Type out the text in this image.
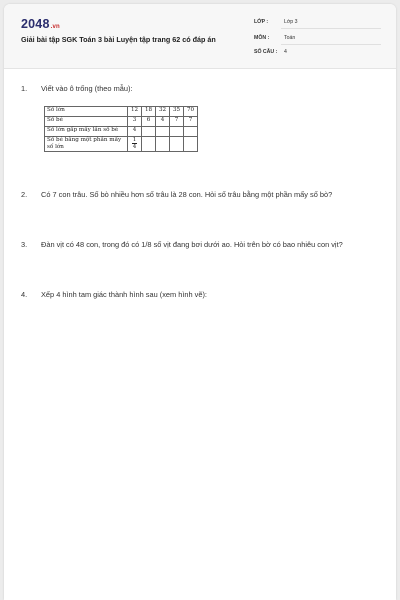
2048.vn
Giải bài tập SGK Toán 3 bài Luyện tập trang 62 có đáp án
LỚP :	Lớp 3
MÔN :	Toán
SỐ CÂU : 4
1. Viết vào ô trống (theo mẫu):
Số lớn	12	18	32	35	70
Số bé	3	6	4	7	7
Số lớn gấp mấy lần số bé	4				
Số bé bằng một phần mấy số lớn	$\frac{1}{4}$

2. Có 7 con trâu. Số bò nhiều hơn số trâu là 28 con. Hỏi số trâu bằng một phần mấy số bò?
3. Đàn vịt có 48 con, trong đó có 1/8 số vịt đang bơi dưới ao. Hỏi trên bờ có bao nhiêu con vịt?
4. Xếp 4 hình tam giác thành hình sau (xem hình vẽ):
